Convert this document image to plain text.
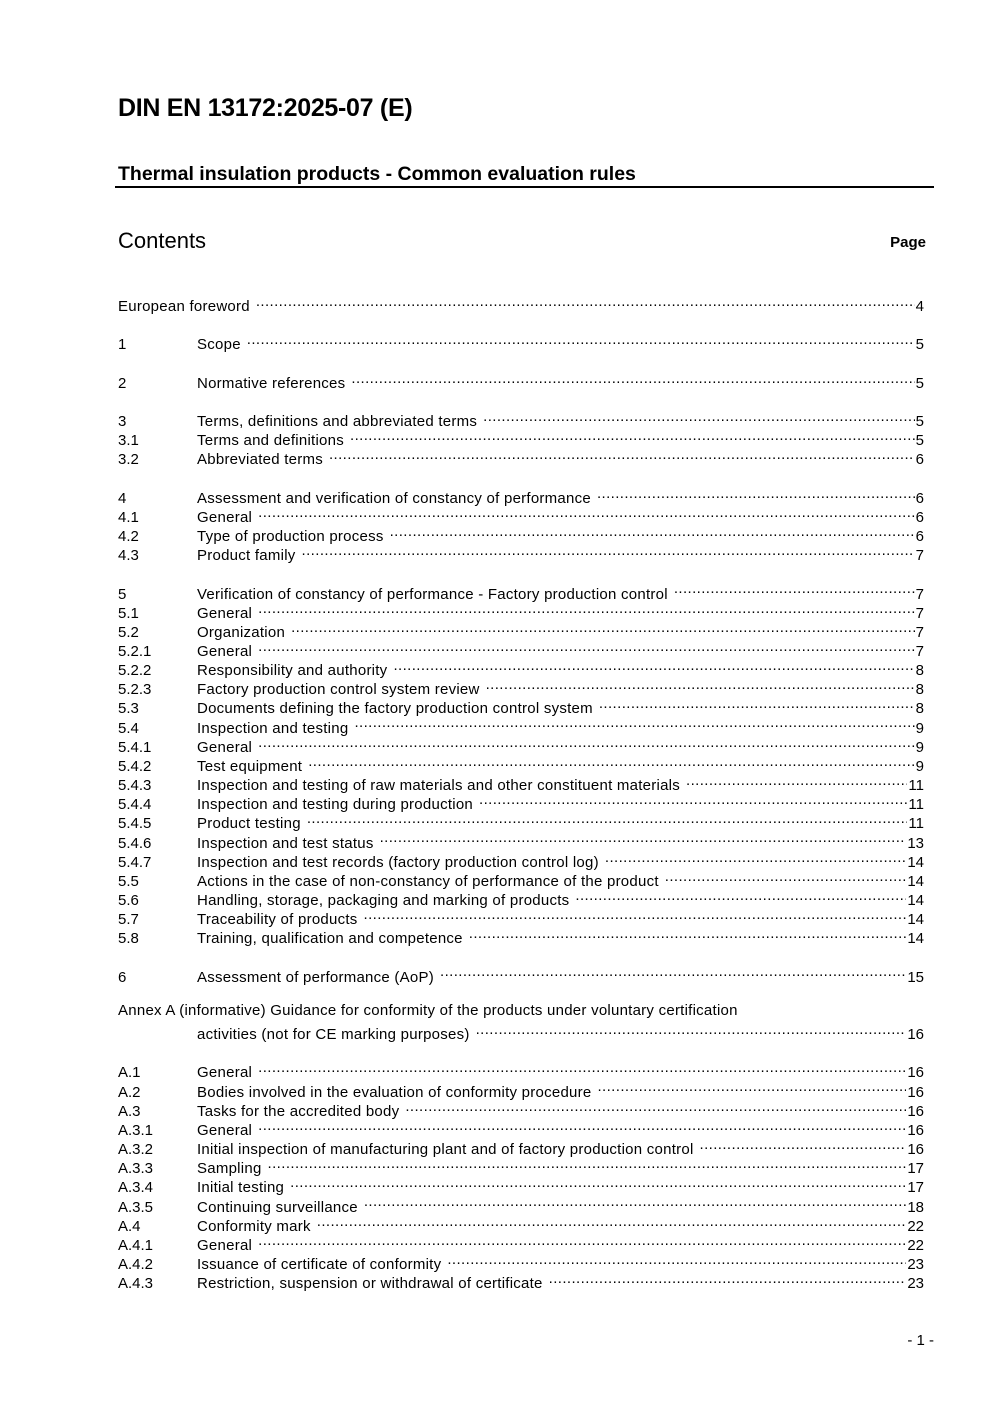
DIN EN 13172:2025-07 (E)
Thermal insulation products - Common evaluation rules
Contents	Page
European foreword .....	4
1	Scope .....	5
2	Normative references .....	5
3	Terms, definitions and abbreviated terms .....	5
3.1	Terms and definitions .....	5
3.2	Abbreviated terms .....	6
4	Assessment and verification of constancy of performance .....	6
4.1	General .....	6
4.2	Type of production process .....	6
4.3	Product family .....	7
5	Verification of constancy of performance - Factory production control .....	7
5.1	General .....	7
5.2	Organization .....	7
5.2.1	General .....	7
5.2.2	Responsibility and authority .....	8
5.2.3	Factory production control system review .....	8
5.3	Documents defining the factory production control system .....	8
5.4	Inspection and testing .....	9
5.4.1	General .....	9
5.4.2	Test equipment .....	9
5.4.3	Inspection and testing of raw materials and other constituent materials .....	11
5.4.4	Inspection and testing during production .....	11
5.4.5	Product testing .....	11
5.4.6	Inspection and test status .....	13
5.4.7	Inspection and test records (factory production control log) .....	14
5.5	Actions in the case of non-constancy of performance of the product .....	14
5.6	Handling, storage, packaging and marking of products .....	14
5.7	Traceability of products .....	14
5.8	Training, qualification and competence .....	14
6	Assessment of performance (AoP) .....	15
Annex A (informative) Guidance for conformity of the products under voluntary certification
activities (not for CE marking purposes) .....	16
A.1	General .....	16
A.2	Bodies involved in the evaluation of conformity procedure .....	16
A.3	Tasks for the accredited body .....	16
A.3.1	General .....	16
A.3.2	Initial inspection of manufacturing plant and of factory production control .....	16
A.3.3	Sampling .....	17
A.3.4	Initial testing .....	17
A.3.5	Continuing surveillance .....	18
A.4	Conformity mark .....	22
A.4.1	General .....	22
A.4.2	Issuance of certificate of conformity .....	23
A.4.3	Restriction, suspension or withdrawal of certificate .....	23
- 1 -
